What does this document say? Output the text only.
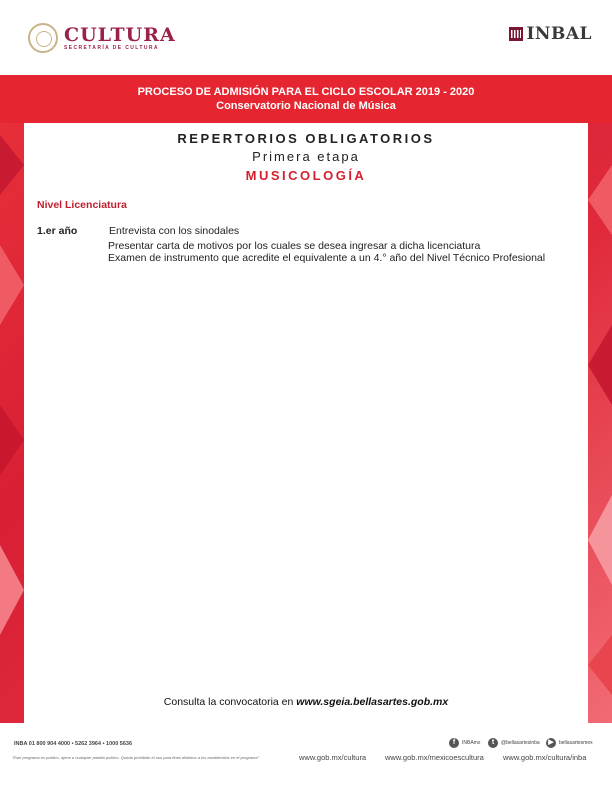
CULTURA
SECRETARÍA DE CULTURA
INBAL
PROCESO DE ADMISIÓN PARA EL CICLO ESCOLAR 2019 - 2020
Conservatorio Nacional de Música
REPERTORIOS OBLIGATORIOS
Primera etapa
MUSICOLOGÍA
Nivel Licenciatura
1.er año	Entrevista con los sinodales
Presentar carta de motivos por los cuales se desea ingresar a dicha licenciatura
Examen de instrumento que acredite el equivalente a un 4.° año del Nivel Técnico Profesional
Consulta la convocatoria en www.sgeia.bellasartes.gob.mx
INBA 01 800 904 4000 • 5262 3964 • 1000 5636
"Este programa es público, ajeno a cualquier partido político. Queda prohibido el uso para fines distintos a los establecidos en el programa"
f	INBAmx	t	@bellasartesinba	▶	bellasartesmex
www.gob.mx/cultura	www.gob.mx/mexicoescultura	www.gob.mx/cultura/inba
